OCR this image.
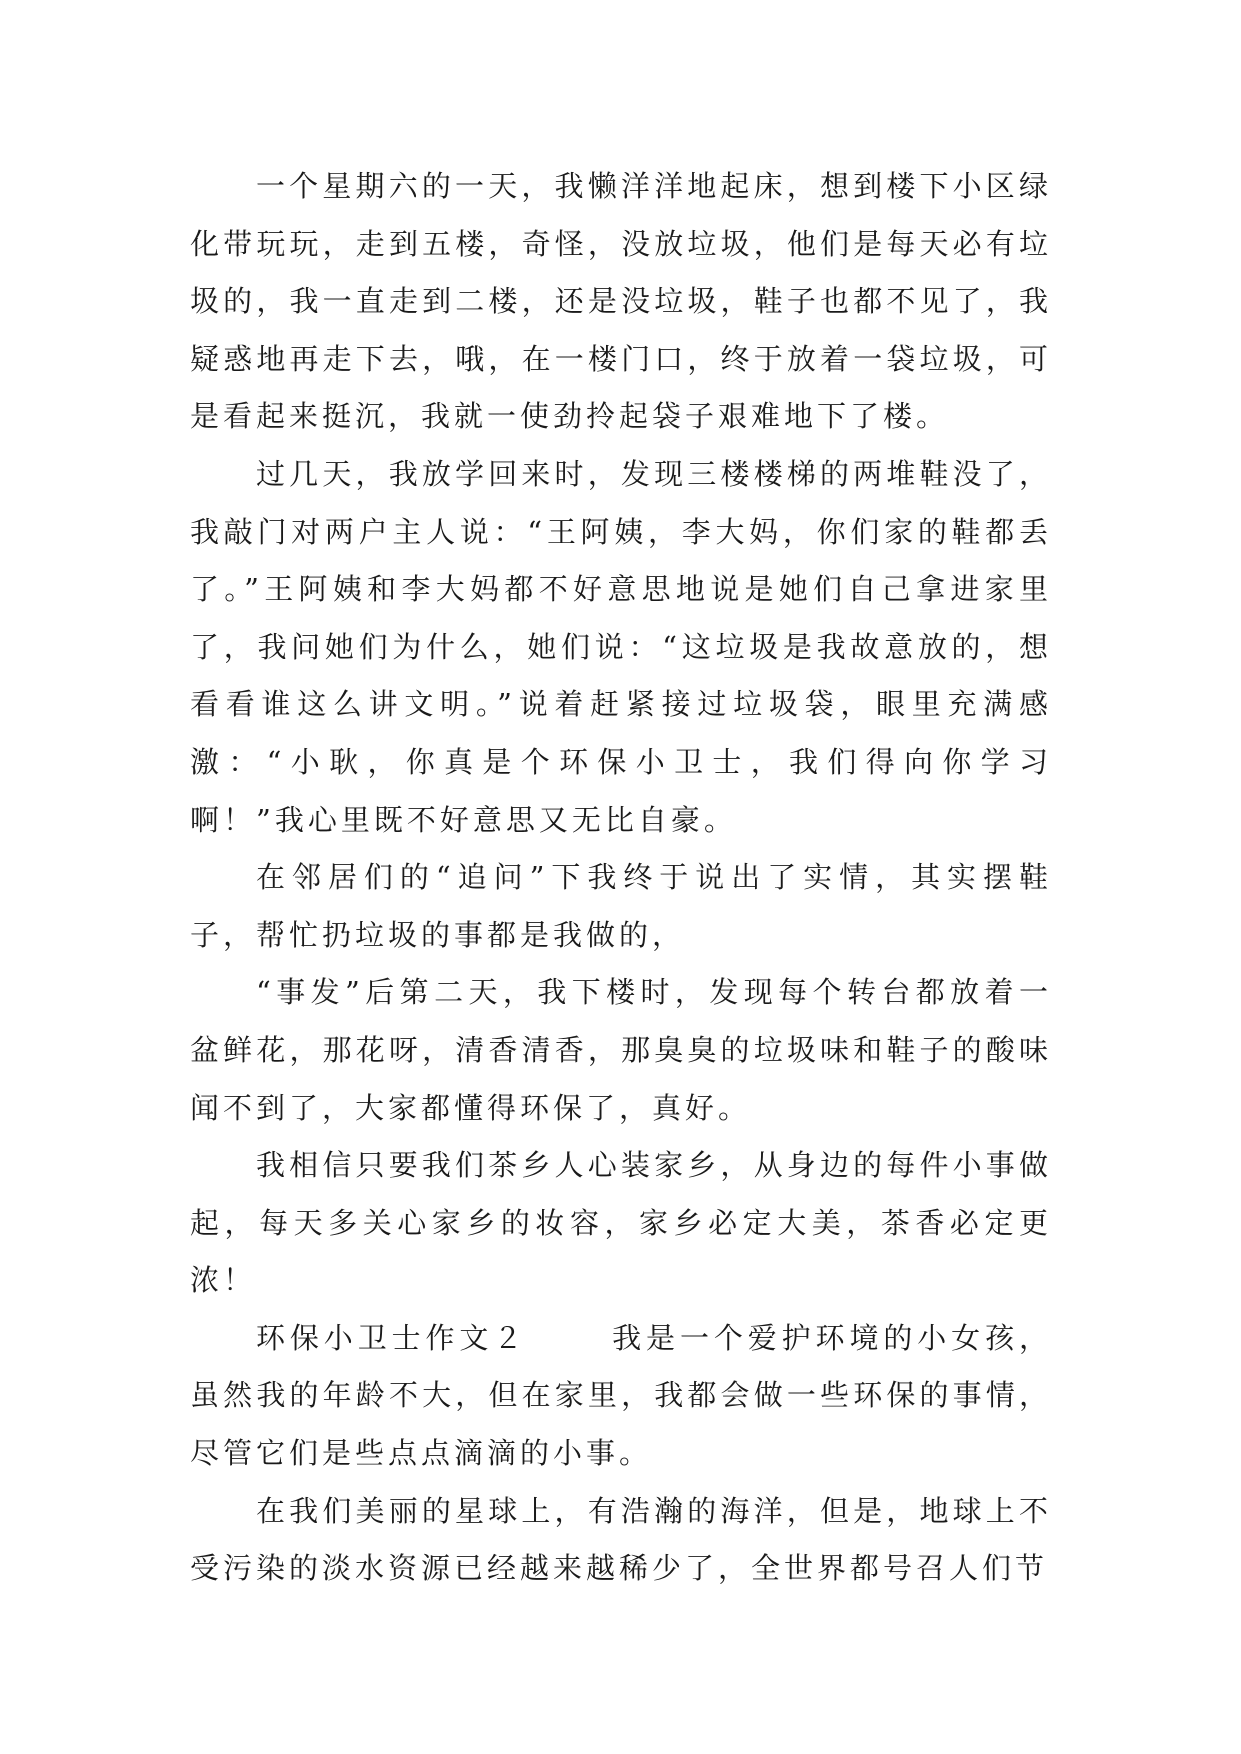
一个星期六的一天，我懒洋洋地起床，想到楼下小区绿化带玩玩，走到五楼，奇怪，没放垃圾，他们是每天必有垃圾的，我一直走到二楼，还是没垃圾，鞋子也都不见了，我疑惑地再走下去，哦，在一楼门口，终于放着一袋垃圾，可是看起来挺沉，我就一使劲拎起袋子艰难地下了楼。

过几天，我放学回来时，发现三楼楼梯的两堆鞋没了，我敲门对两户主人说：“王阿姨，李大妈，你们家的鞋都丢了。”王阿姨和李大妈都不好意思地说是她们自己拿进家里了，我问她们为什么，她们说：“这垃圾是我故意放的，想看看谁这么讲文明。”说着赶紧接过垃圾袋，眼里充满感激：“小耿，你真是个环保小卫士，我们得向你学习啊！”我心里既不好意思又无比自豪。

在邻居们的“追问”下我终于说出了实情，其实摆鞋子，帮忙扔垃圾的事都是我做的，

“事发”后第二天，我下楼时，发现每个转台都放着一盆鲜花，那花呀，清香清香，那臭臭的垃圾味和鞋子的酸味闻不到了，大家都懂得环保了，真好。

我相信只要我们茶乡人心装家乡，从身边的每件小事做起，每天多关心家乡的妆容，家乡必定大美，茶香必定更浓！

环保小卫士作文２	我是一个爱护环境的小女孩，虽然我的年龄不大，但在家里，我都会做一些环保的事情，尽管它们是些点点滴滴的小事。

在我们美丽的星球上，有浩瀚的海洋，但是，地球上不受污染的淡水资源已经越来越稀少了，全世界都号召人们节
